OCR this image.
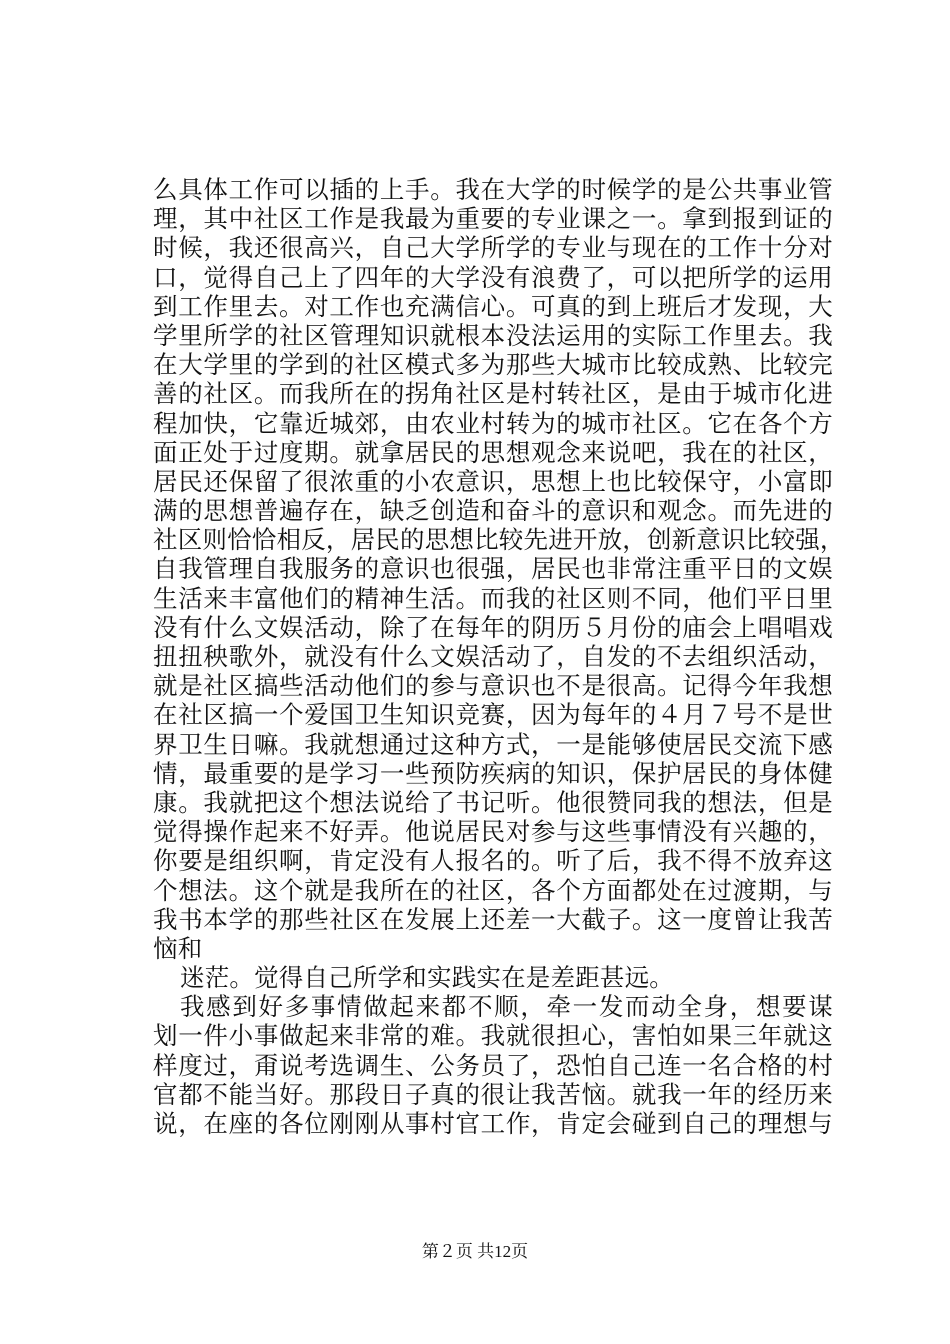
么具体工作可以插的上手。我在大学的时候学的是公共事业管
理，其中社区工作是我最为重要的专业课之一。拿到报到证的
时候，我还很高兴，自己大学所学的专业与现在的工作十分对
口，觉得自己上了四年的大学没有浪费了，可以把所学的运用
到工作里去。对工作也充满信心。可真的到上班后才发现，大
学里所学的社区管理知识就根本没法运用的实际工作里去。我
在大学里的学到的社区模式多为那些大城市比较成熟、比较完
善的社区。而我所在的拐角社区是村转社区，是由于城市化进
程加快，它靠近城郊，由农业村转为的城市社区。它在各个方
面正处于过度期。就拿居民的思想观念来说吧，我在的社区，
居民还保留了很浓重的小农意识，思想上也比较保守，小富即
满的思想普遍存在，缺乏创造和奋斗的意识和观念。而先进的
社区则恰恰相反，居民的思想比较先进开放，创新意识比较强，
自我管理自我服务的意识也很强，居民也非常注重平日的文娱
生活来丰富他们的精神生活。而我的社区则不同，他们平日里
没有什么文娱活动，除了在每年的阴历５月份的庙会上唱唱戏
扭扭秧歌外，就没有什么文娱活动了，自发的不去组织活动，
就是社区搞些活动他们的参与意识也不是很高。记得今年我想
在社区搞一个爱国卫生知识竞赛，因为每年的４月７号不是世
界卫生日嘛。我就想通过这种方式，一是能够使居民交流下感
情，最重要的是学习一些预防疾病的知识，保护居民的身体健
康。我就把这个想法说给了书记听。他很赞同我的想法，但是
觉得操作起来不好弄。他说居民对参与这些事情没有兴趣的，
你要是组织啊，肯定没有人报名的。听了后，我不得不放弃这
个想法。这个就是我所在的社区，各个方面都处在过渡期，与
我书本学的那些社区在发展上还差一大截子。这一度曾让我苦
恼和
迷茫。觉得自己所学和实践实在是差距甚远。
我感到好多事情做起来都不顺，牵一发而动全身，想要谋
划一件小事做起来非常的难。我就很担心，害怕如果三年就这
样度过，甭说考选调生、公务员了，恐怕自己连一名合格的村
官都不能当好。那段日子真的很让我苦恼。就我一年的经历来
说，在座的各位刚刚从事村官工作，肯定会碰到自己的理想与
第２页 共12页
